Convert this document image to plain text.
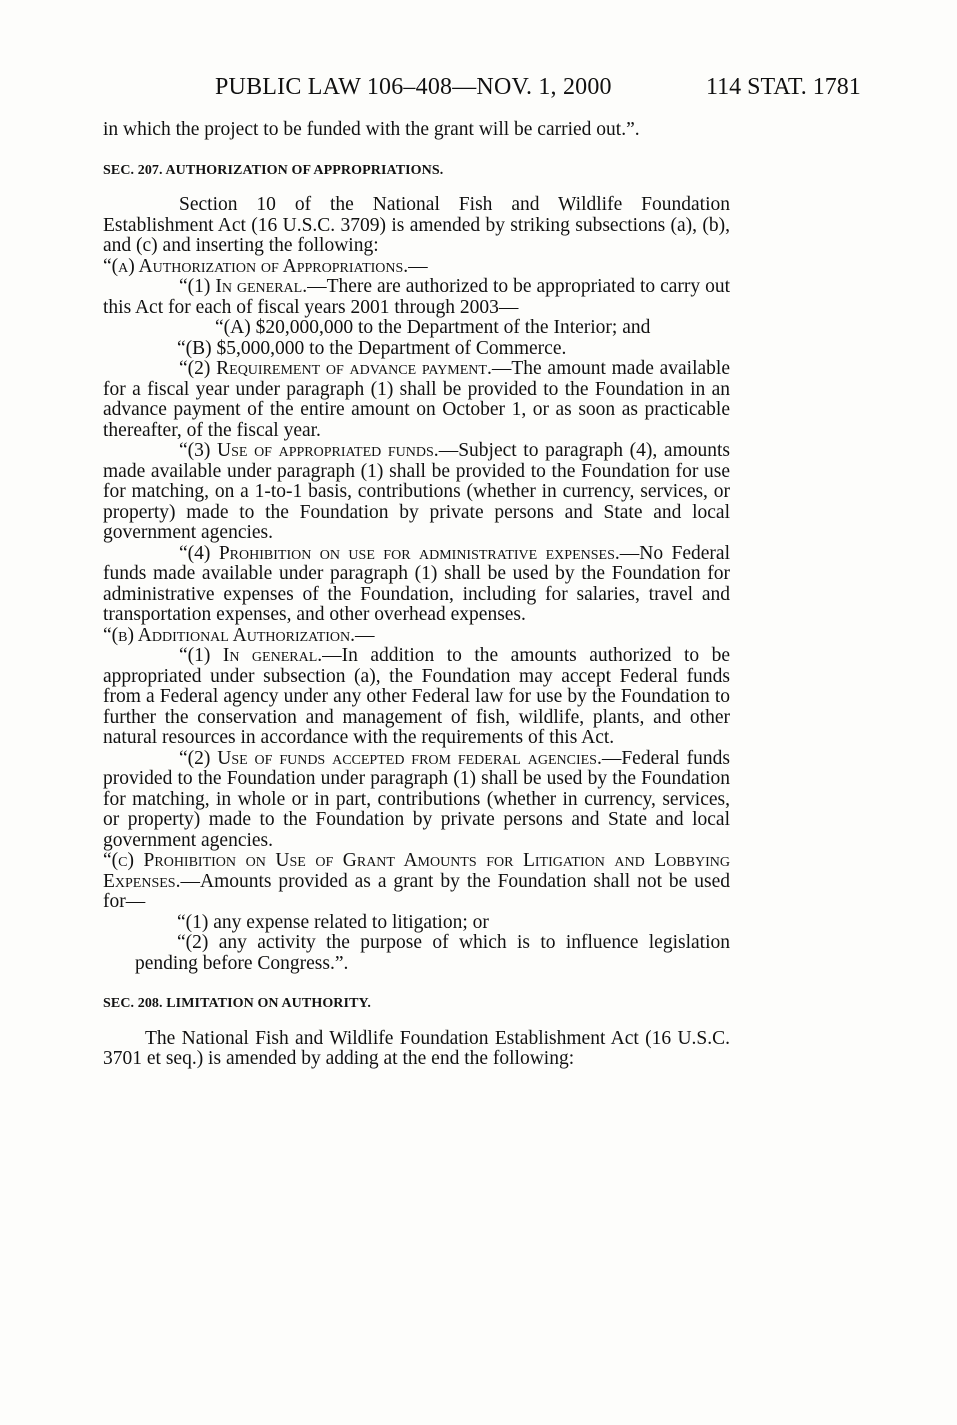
PUBLIC LAW 106–408—NOV. 1, 2000	114 STAT. 1781

in which the project to be funded with the grant will be carried out.”.

SEC. 207. AUTHORIZATION OF APPROPRIATIONS.

Section 10 of the National Fish and Wildlife Foundation Establishment Act (16 U.S.C. 3709) is amended by striking subsections (a), (b), and (c) and inserting the following:

“(a) Authorization of Appropriations.—

“(1) In general.—There are authorized to be appropriated to carry out this Act for each of fiscal years 2001 through 2003—

“(A) $20,000,000 to the Department of the Interior; and

“(B) $5,000,000 to the Department of Commerce.

“(2) Requirement of advance payment.—The amount made available for a fiscal year under paragraph (1) shall be provided to the Foundation in an advance payment of the entire amount on October 1, or as soon as practicable thereafter, of the fiscal year.

“(3) Use of appropriated funds.—Subject to paragraph (4), amounts made available under paragraph (1) shall be provided to the Foundation for use for matching, on a 1-to-1 basis, contributions (whether in currency, services, or property) made to the Foundation by private persons and State and local government agencies.

“(4) Prohibition on use for administrative expenses.—No Federal funds made available under paragraph (1) shall be used by the Foundation for administrative expenses of the Foundation, including for salaries, travel and transportation expenses, and other overhead expenses.

“(b) Additional Authorization.—

“(1) In general.—In addition to the amounts authorized to be appropriated under subsection (a), the Foundation may accept Federal funds from a Federal agency under any other Federal law for use by the Foundation to further the conservation and management of fish, wildlife, plants, and other natural resources in accordance with the requirements of this Act.

“(2) Use of funds accepted from federal agencies.—Federal funds provided to the Foundation under paragraph (1) shall be used by the Foundation for matching, in whole or in part, contributions (whether in currency, services, or property) made to the Foundation by private persons and State and local government agencies.

“(c) Prohibition on Use of Grant Amounts for Litigation and Lobbying Expenses.—Amounts provided as a grant by the Foundation shall not be used for—

“(1) any expense related to litigation; or

“(2) any activity the purpose of which is to influence legislation pending before Congress.”.

SEC. 208. LIMITATION ON AUTHORITY.

The National Fish and Wildlife Foundation Establishment Act (16 U.S.C. 3701 et seq.) is amended by adding at the end the following:
